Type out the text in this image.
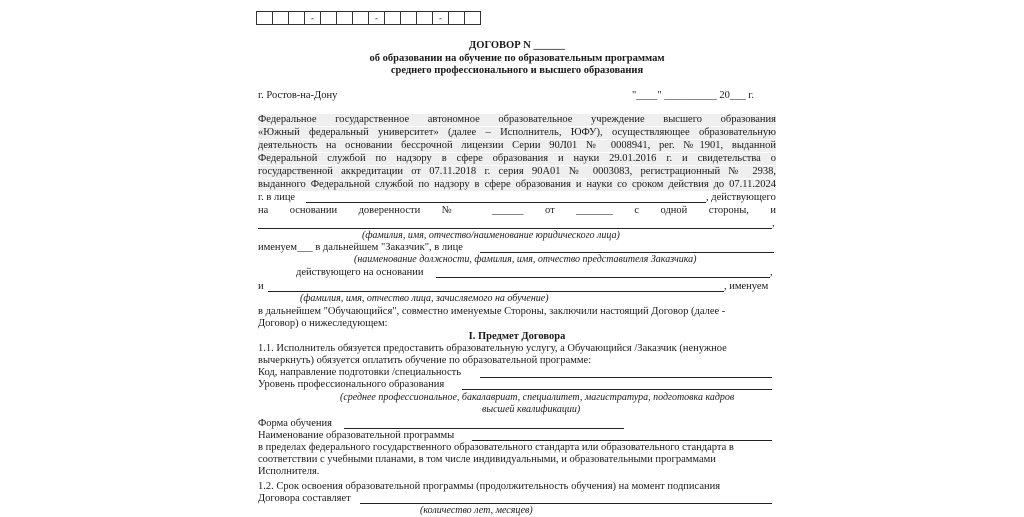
-	-	-
ДОГОВОР N ______
об образовании на обучение по образовательным программам
среднего профессионального и высшего образования
г. Ростов-на-Дону	"____" __________ 20___ г.
Федеральное государственное автономное образовательное учреждение высшего образования
«Южный федеральный университет» (далее – Исполнитель, ЮФУ), осуществляющее образовательную
деятельность на основании бессрочной лицензии Серии 90Л01 № 0008941, рег. №1901, выданной
Федеральной службой по надзору в сфере образования и науки 29.01.2016 г. и свидетельства о
государственной аккредитации от 07.11.2018 г. серия 90А01 № 0003083, регистрационный № 2938,
выданного Федеральной службой по надзору в сфере образования и науки со сроком действия до 07.11.2024
г. в лице	, действующего
на основании доверенности № ______ от _______ с одной стороны, и
,
(фамилия, имя, отчество/наименование юридического лица)
именуем___ в дальнейшем "Заказчик", в лице
(наименование должности, фамилия, имя, отчество представителя Заказчика)
действующего на основании	,
и	, именуем
(фамилия, имя, отчество лица, зачисляемого на обучение)
в дальнейшем "Обучающийся", совместно именуемые Стороны, заключили настоящий Договор (далее -
Договор) о нижеследующем:
I. Предмет Договора
1.1. Исполнитель обязуется предоставить образовательную услугу, а Обучающийся /Заказчик (ненужное
вычеркнуть) обязуется оплатить обучение по образовательной программе:
Код, направление подготовки /специальность
Уровень профессионального образования
(среднее профессиональное, бакалавриат, специалитет, магистратура, подготовка кадров
высшей квалификации)
Форма обучения
Наименование образовательной программы
в пределах федерального государственного образовательного стандарта или образовательного стандарта в
соответствии с учебными планами, в том числе индивидуальными, и образовательными программами
Исполнителя.
1.2. Срок освоения образовательной программы (продолжительность обучения) на момент подписания
Договора составляет
(количество лет, месяцев)
